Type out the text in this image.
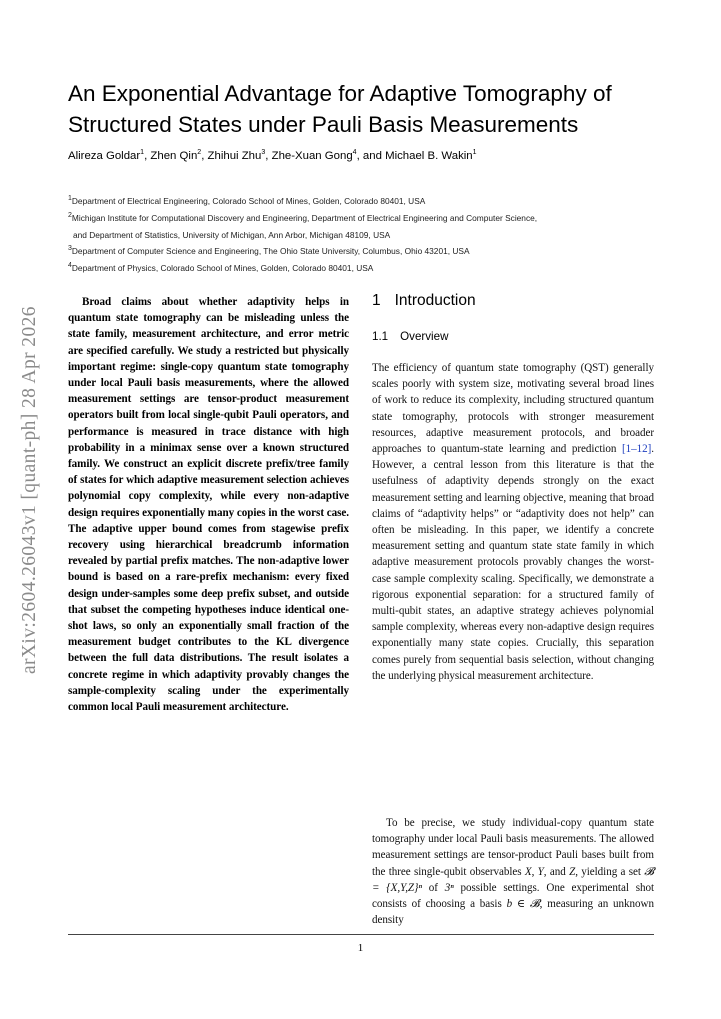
arXiv:2604.26043v1 [quant-ph] 28 Apr 2026
An Exponential Advantage for Adaptive Tomography of
Structured States under Pauli Basis Measurements
Alireza Goldar$^1$, Zhen Qin$^2$, Zhihui Zhu$^3$, Zhe-Xuan Gong$^4$, and Michael B. Wakin$^1$
$^1$Department of Electrical Engineering, Colorado School of Mines, Golden, Colorado 80401, USA
$^2$Michigan Institute for Computational Discovery and Engineering, Department of Electrical Engineering and Computer Science,
and Department of Statistics, University of Michigan, Ann Arbor, Michigan 48109, USA
$^3$Department of Computer Science and Engineering, The Ohio State University, Columbus, Ohio 43201, USA
$^4$Department of Physics, Colorado School of Mines, Golden, Colorado 80401, USA

Broad claims about whether adaptivity helps in quantum state tomography can be misleading unless the state family, measurement architecture, and error metric are specified carefully. We study a restricted but physically important regime: single-copy quantum state tomography under local Pauli basis measurements, where the allowed measurement settings are tensor-product measurement operators built from local single-qubit Pauli operators, and performance is measured in trace distance with high probability in a minimax sense over a known structured family. We construct an explicit discrete prefix/tree family of states for which adaptive measurement selection achieves polynomial copy complexity, while every non-adaptive design requires exponentially many copies in the worst case. The adaptive upper bound comes from stagewise prefix recovery using hierarchical breadcrumb information revealed by partial prefix matches. The non-adaptive lower bound is based on a rare-prefix mechanism: every fixed design under-samples some deep prefix subset, and outside that subset the competing hypotheses induce identical one-shot laws, so only an exponentially small fraction of the measurement budget contributes to the KL divergence between the full data distributions. The result isolates a concrete regime in which adaptivity provably changes the sample-complexity scaling under the experimentally common local Pauli measurement architecture.

1 Introduction
1.1 Overview

The efficiency of quantum state tomography (QST) generally scales poorly with system size, motivating several broad lines of work to reduce its complexity, including structured quantum state tomography, protocols with stronger measurement resources, adaptive measurement protocols, and broader approaches to quantum-state learning and prediction [1–12]. However, a central lesson from this literature is that the usefulness of adaptivity depends strongly on the exact measurement setting and learning objective, meaning that broad claims of “adaptivity helps” or “adaptivity does not help” can often be misleading. In this paper, we identify a concrete measurement setting and quantum state state family in which adaptive measurement protocols provably changes the worst-case sample complexity scaling. Specifically, we demonstrate a rigorous exponential separation: for a structured family of multi-qubit states, an adaptive strategy achieves polynomial sample complexity, whereas every non-adaptive design requires exponentially many state copies. Crucially, this separation comes purely from sequential basis selection, without changing the underlying physical measurement architecture.

To be precise, we study individual-copy quantum state tomography under local Pauli basis measurements. The allowed measurement settings are tensor-product Pauli bases built from the three single-qubit observables X, Y, and Z, yielding a set 𝓑 = {X,Y,Z}ⁿ of 3ⁿ possible settings. One experimental shot consists of choosing a basis b ∈ 𝓑, measuring an unknown density

1
